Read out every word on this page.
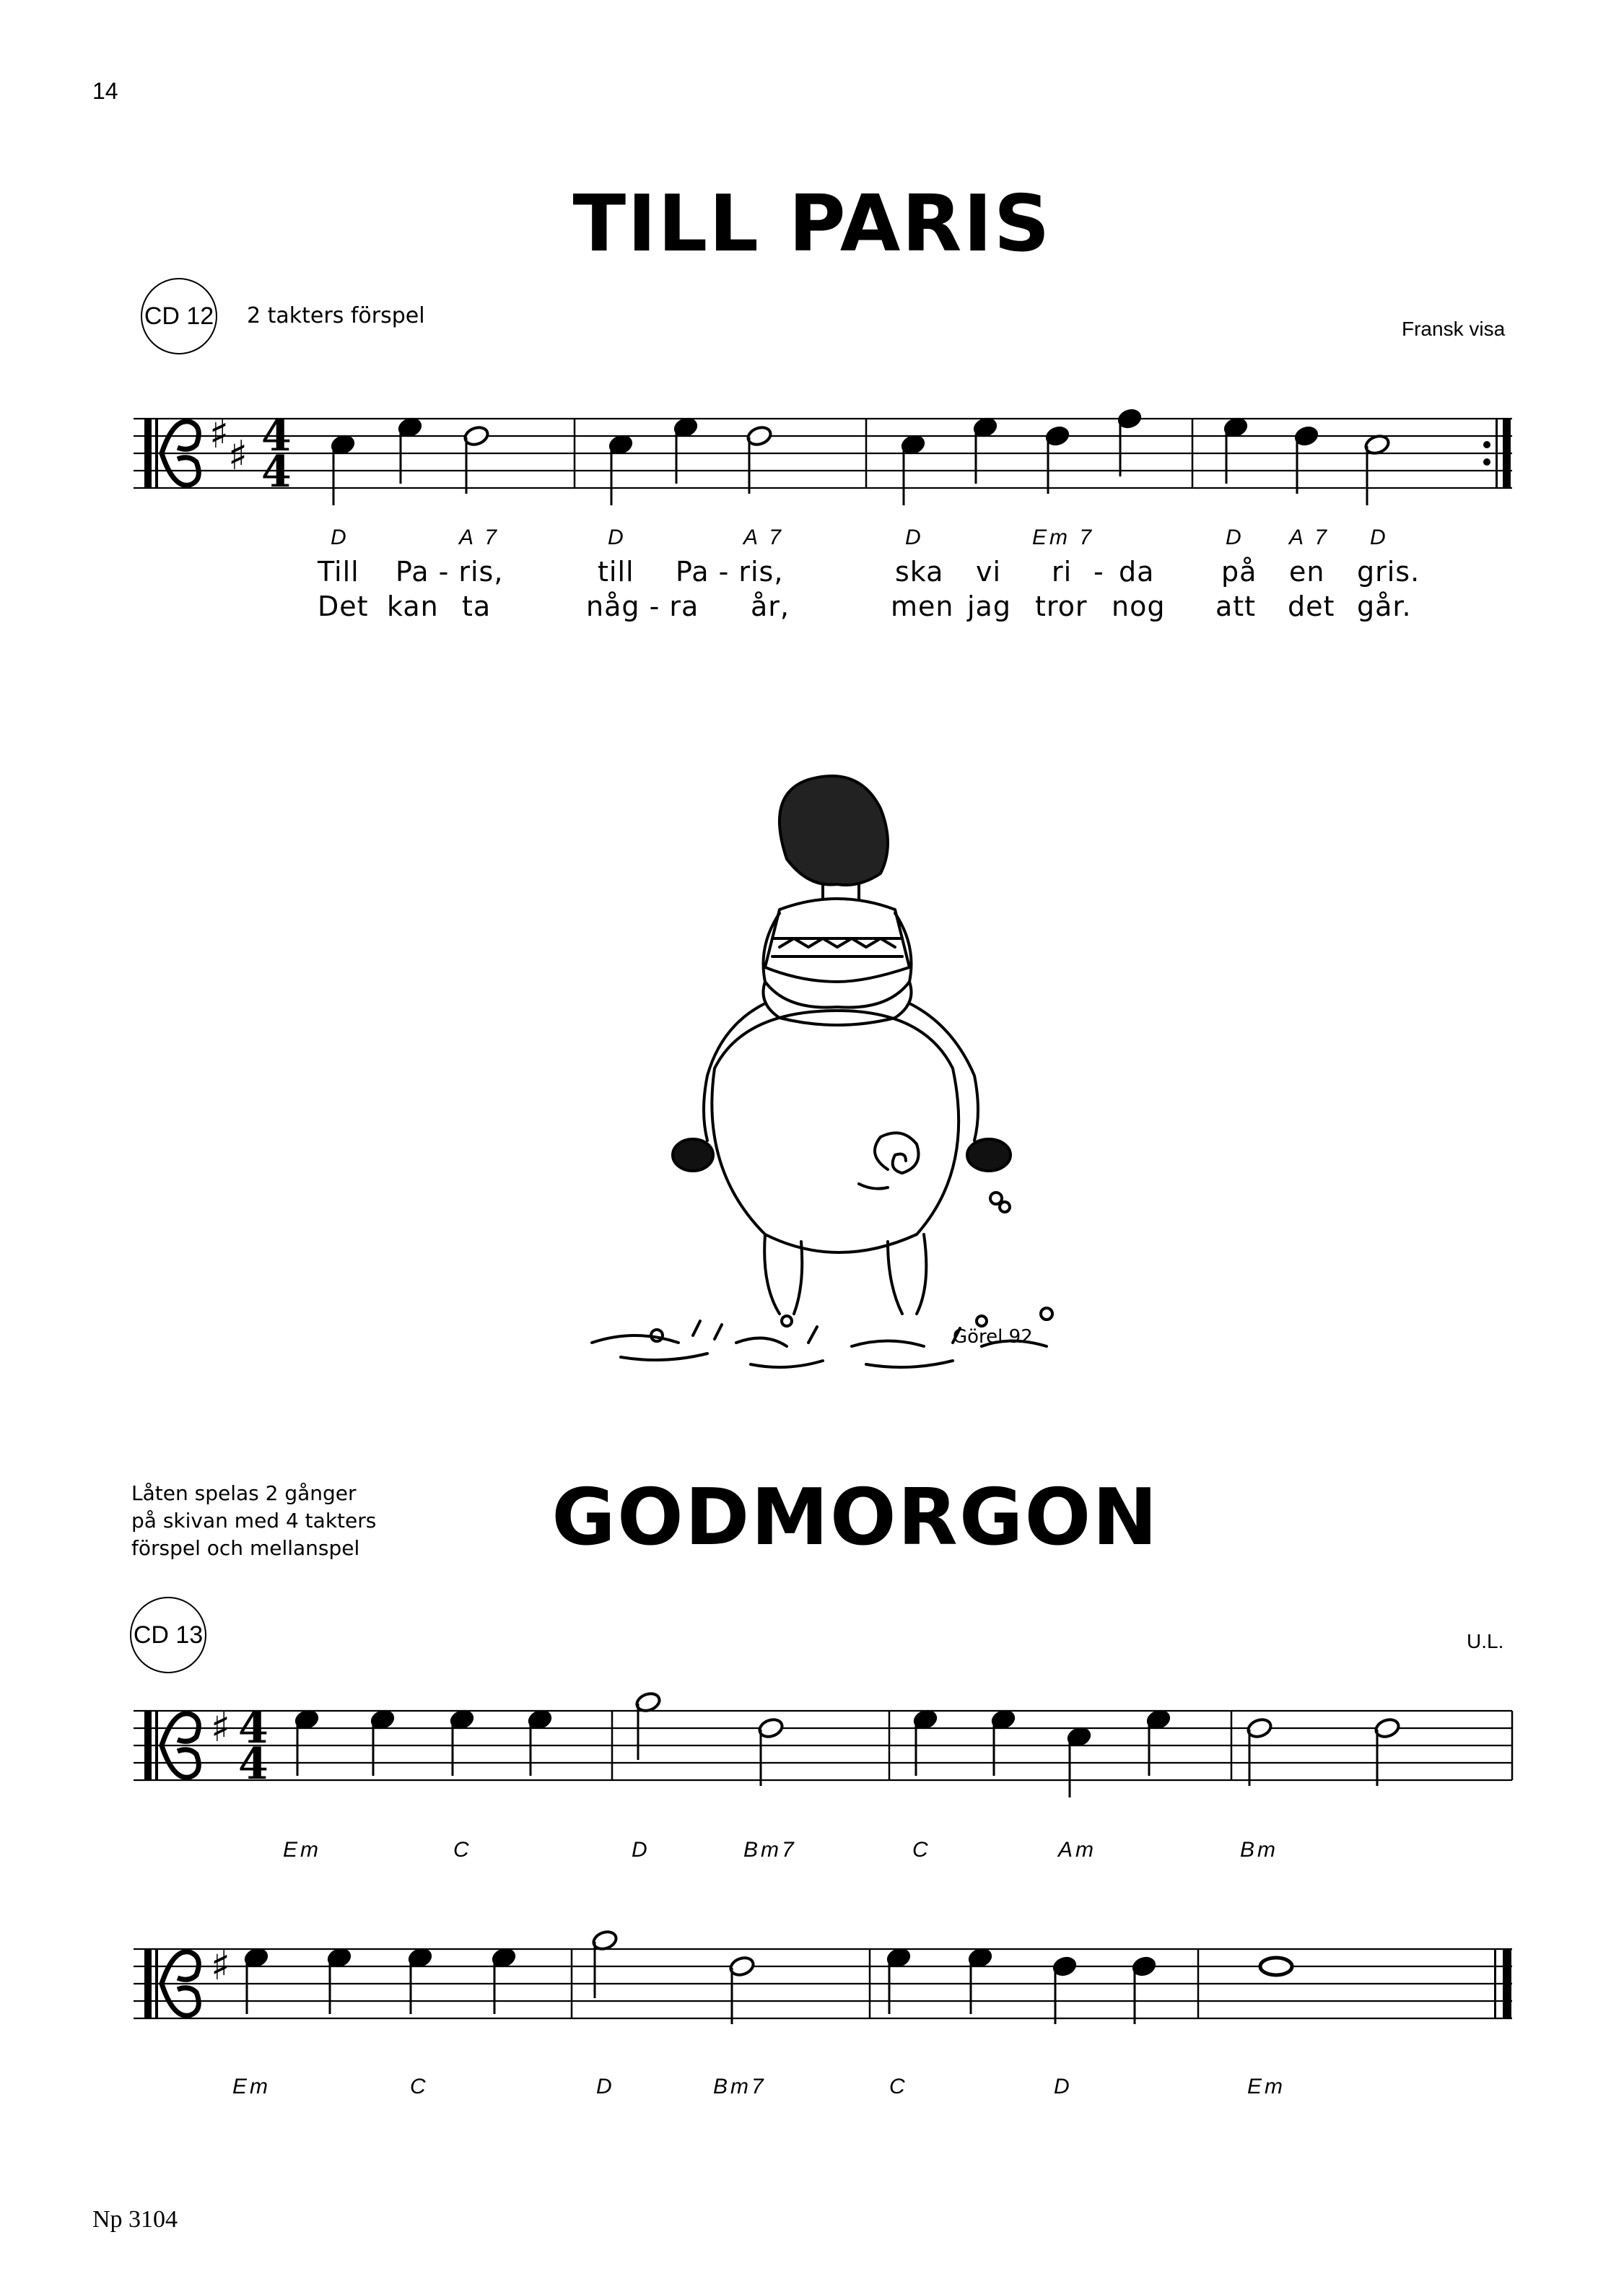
14
TILL PARIS
CD 12 2 takters förspel
Fransk visa
♯
♯ 4
4
D	A 7	D	A 7	D	Em 7	D A 7 D
Till Pa - ris,	till Pa - ris,	ska vi ri - da på en gris.
Det kan ta	någ - ra år,	men jag tror nog att det går.
Görel 92
Låten spelas 2 gånger
på skivan med 4 takters
förspel och mellanspel	GODMORGON
CD 13	U.L.
♯ 4
4
Em	C	D	Bm7	C	Am	Bm
♯
Em	C	D	Bm7	C	D	Em
Np 3104
